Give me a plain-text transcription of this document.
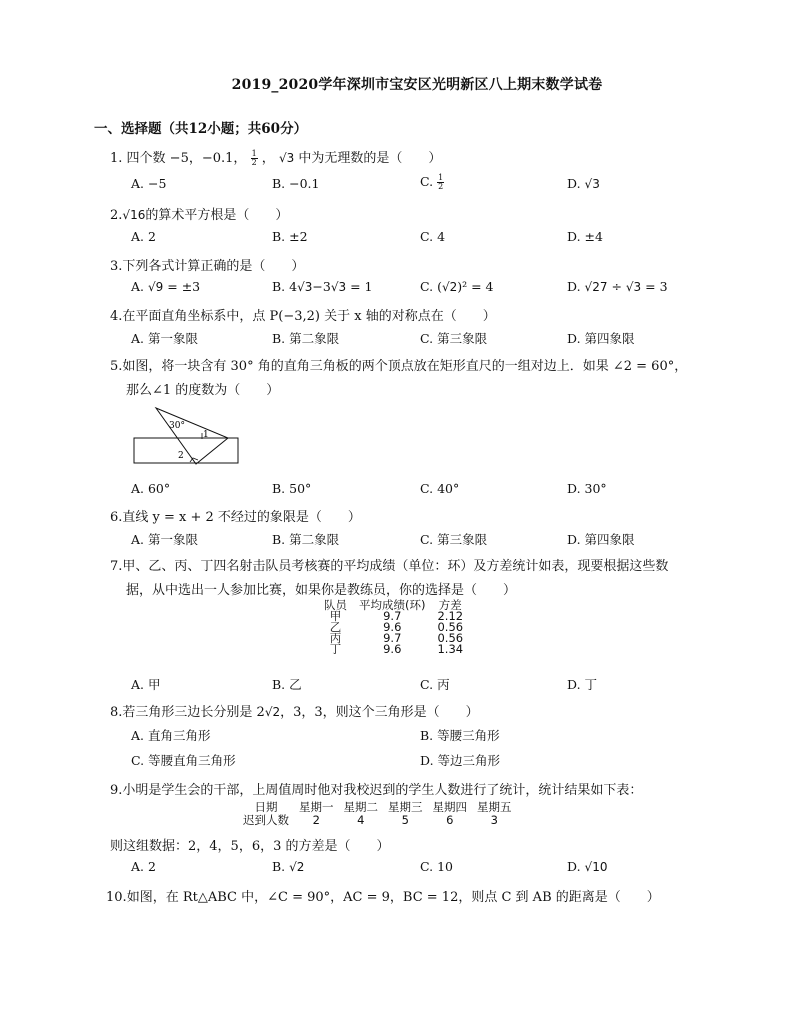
2019_2020学年深圳市宝安区光明新区八上期末数学试卷
一、选择题（共12小题；共60分）
1. 四个数 −5，−0.1， $\frac{1}{2}$ ， √3 中为无理数的是（　　）
A. −5	B. −0.1	C. $\frac{1}{2}$	D. √3
2.√16的算术平方根是（　　）
A. 2	B. ±2	C. 4	D. ±4
3.下列各式计算正确的是（　　）
A. √9 = ±3	B. 4√3−3√3 = 1	C. (√2)² = 4	D. √27 ÷ √3 = 3
4.在平面直角坐标系中，点 P(−3,2) 关于 x 轴的对称点在（　　）
A. 第一象限	B. 第二象限	C. 第三象限	D. 第四象限
5.如图，将一块含有 30° 角的直角三角板的两个顶点放在矩形直尺的一组对边上．如果 ∠2 = 60°，
那么∠1 的度数为（　　）
30°
1
2
A. 60°	B. 50°	C. 40°	D. 30°
6.直线 y = x + 2 不经过的象限是（　　）
A. 第一象限	B. 第二象限	C. 第三象限	D. 第四象限
7.甲、乙、丙、丁四名射击队员考核赛的平均成绩（单位：环）及方差统计如表，现要根据这些数
据，从中选出一人参加比赛，如果你是教练员，你的选择是（　　）
队员	平均成绩(环)	方差
甲	9.7	2.12
乙	9.6	0.56
丙	9.7	0.56
丁	9.6	1.34
A. 甲	B. 乙	C. 丙	D. 丁
8.若三角形三边长分别是 2√2，3，3，则这个三角形是（　　）
A. 直角三角形	B. 等腰三角形
C. 等腰直角三角形	D. 等边三角形
9.小明是学生会的干部，上周值周时他对我校迟到的学生人数进行了统计，统计结果如下表：
日期	星期一	星期二	星期三	星期四	星期五
迟到人数	2	4	5	6	3
则这组数据：2，4，5，6，3 的方差是（　　）
A. 2	B. √2	C. 10	D. √10
10.如图，在 Rt△ABC 中，∠C = 90°，AC = 9，BC = 12，则点 C 到 AB 的距离是（　　）
